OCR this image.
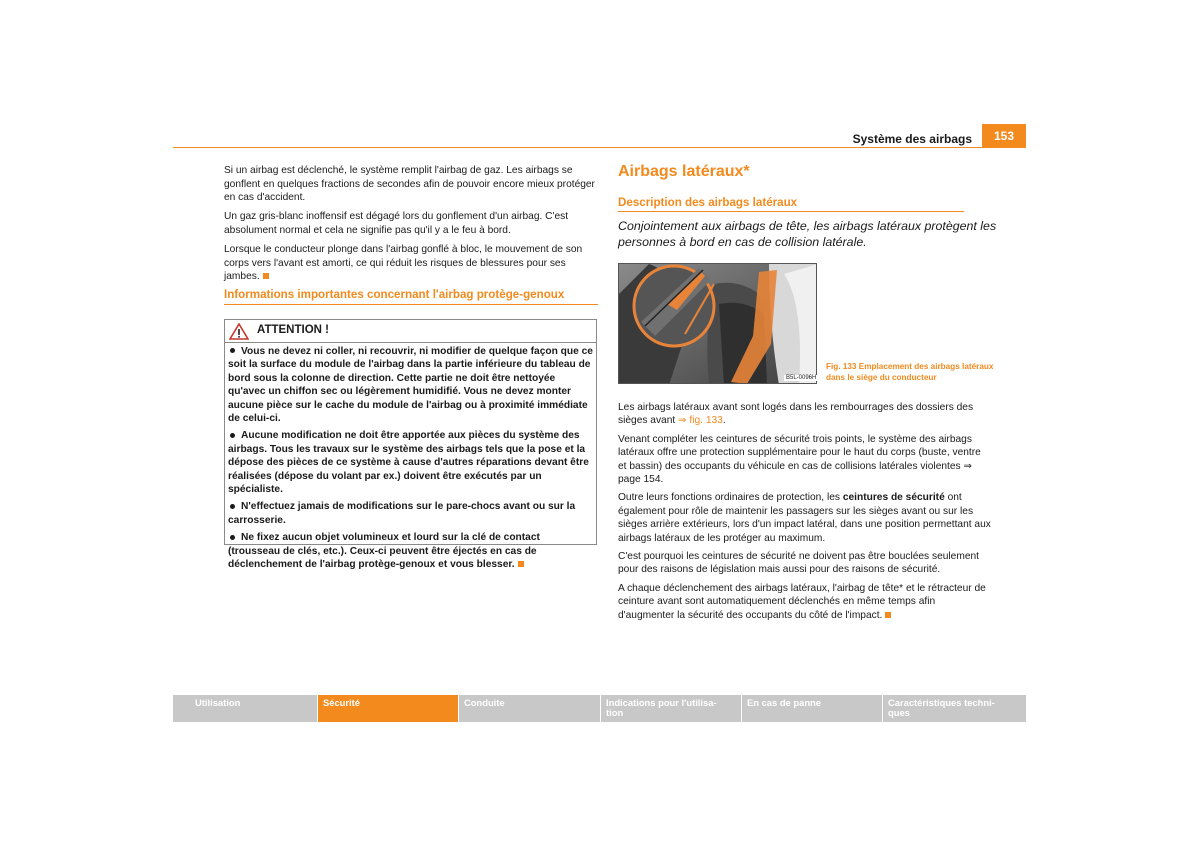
Système des airbags	153

Si un airbag est déclenché, le système remplit l'airbag de gaz. Les airbags se gonflent en quelques fractions de secondes afin de pouvoir encore mieux protéger en cas d'accident.

Un gaz gris-blanc inoffensif est dégagé lors du gonflement d'un airbag. C'est absolument normal et cela ne signifie pas qu'il y a le feu à bord.

Lorsque le conducteur plonge dans l'airbag gonflé à bloc, le mouvement de son corps vers l'avant est amorti, ce qui réduit les risques de blessures pour ses jambes.

Informations importantes concernant l'airbag protège-genoux
ATTENTION !

Vous ne devez ni coller, ni recouvrir, ni modifier de quelque façon que ce soit la surface du module de l'airbag dans la partie inférieure du tableau de bord sous la colonne de direction. Cette partie ne doit être nettoyée qu'avec un chiffon sec ou légèrement humidifié. Vous ne devez monter aucune pièce sur le cache du module de l'airbag ou à proximité immédiate de celui-ci.

Aucune modification ne doit être apportée aux pièces du système des airbags. Tous les travaux sur le système des airbags tels que la pose et la dépose des pièces de ce système à cause d'autres réparations devant être réalisées (dépose du volant par ex.) doivent être exécutés par un spécialiste.

N'effectuez jamais de modifications sur le pare-chocs avant ou sur la carrosserie.

Ne fixez aucun objet volumineux et lourd sur la clé de contact (trousseau de clés, etc.). Ceux-ci peuvent être éjectés en cas de déclenchement de l'airbag protège-genoux et vous blesser.

Airbags latéraux*
Description des airbags latéraux
Conjointement aux airbags de tête, les airbags latéraux protègent les personnes à bord en cas de collision latérale.
B5L-0096H
Fig. 133 Emplacement des airbags latéraux dans le siège du conducteur

Les airbags latéraux avant sont logés dans les rembourrages des dossiers des sièges avant ⇒ fig. 133.

Venant compléter les ceintures de sécurité trois points, le système des airbags latéraux offre une protection supplémentaire pour le haut du corps (buste, ventre et bassin) des occupants du véhicule en cas de collisions latérales violentes ⇒ page 154.

Outre leurs fonctions ordinaires de protection, les ceintures de sécurité ont également pour rôle de maintenir les passagers sur les sièges avant ou sur les sièges arrière extérieurs, lors d'un impact latéral, dans une position permettant aux airbags latéraux de les protéger au maximum.

C'est pourquoi les ceintures de sécurité ne doivent pas être bouclées seulement pour des raisons de législation mais aussi pour des raisons de sécurité.

A chaque déclenchement des airbags latéraux, l'airbag de tête* et le rétracteur de ceinture avant sont automatiquement déclenchés en même temps afin d'augmenter la sécurité des occupants du côté de l'impact.

Utilisation	Sécurité	Conduite	Indications pour l'utilisa-
tion
En cas de panne	Caractéristiques techni-
ques
